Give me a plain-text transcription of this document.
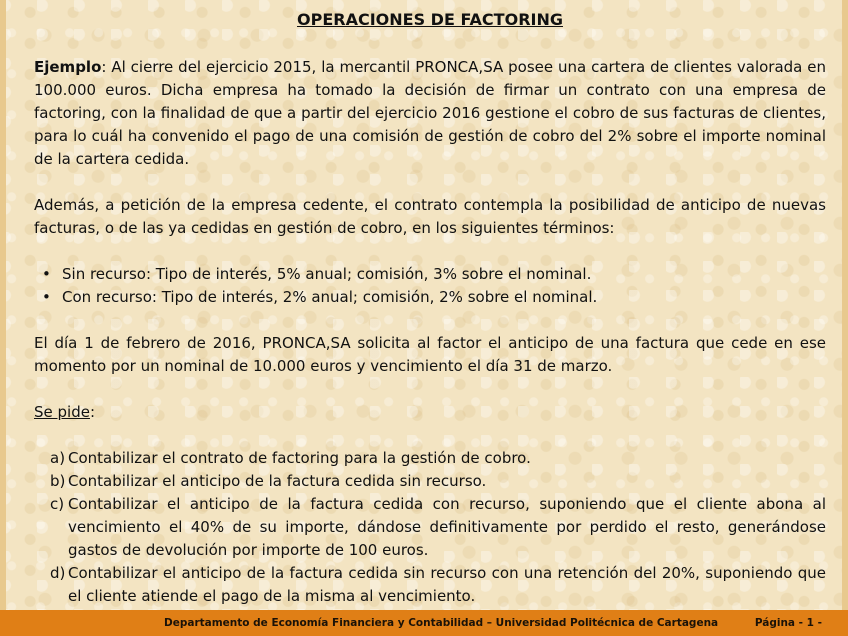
OPERACIONES DE FACTORING

Ejemplo: Al cierre del ejercicio 2015, la mercantil PRONCA,SA posee una cartera de clientes valorada en 100.000 euros. Dicha empresa ha tomado la decisión de firmar un contrato con una empresa de factoring, con la finalidad de que a partir del ejercicio 2016 gestione el cobro de sus facturas de clientes, para lo cuál ha convenido el pago de una comisión de gestión de cobro del 2% sobre el importe nominal de la cartera cedida.

Además, a petición de la empresa cedente, el contrato contempla la posibilidad de anticipo de nuevas facturas, o de las ya cedidas en gestión de cobro, en los siguientes términos:

• Sin recurso: Tipo de interés, 5% anual; comisión, 3% sobre el nominal.
• Con recurso: Tipo de interés, 2% anual; comisión, 2% sobre el nominal.

El día 1 de febrero de 2016, PRONCA,SA solicita al factor el anticipo de una factura que cede en ese momento por un nominal de 10.000 euros y vencimiento el día 31 de marzo.

Se pide:

a) Contabilizar el contrato de factoring para la gestión de cobro.
b) Contabilizar el anticipo de la factura cedida sin recurso.
c) Contabilizar el anticipo de la factura cedida con recurso, suponiendo que el cliente abona al vencimiento el 40% de su importe, dándose definitivamente por perdido el resto, generándose gastos de devolución por importe de 100 euros.
d) Contabilizar el anticipo de la factura cedida sin recurso con una retención del 20%, suponiendo que el cliente atiende el pago de la misma al vencimiento.
Departamento de Economía Financiera y Contabilidad – Universidad Politécnica de Cartagena	Página - 1 -
